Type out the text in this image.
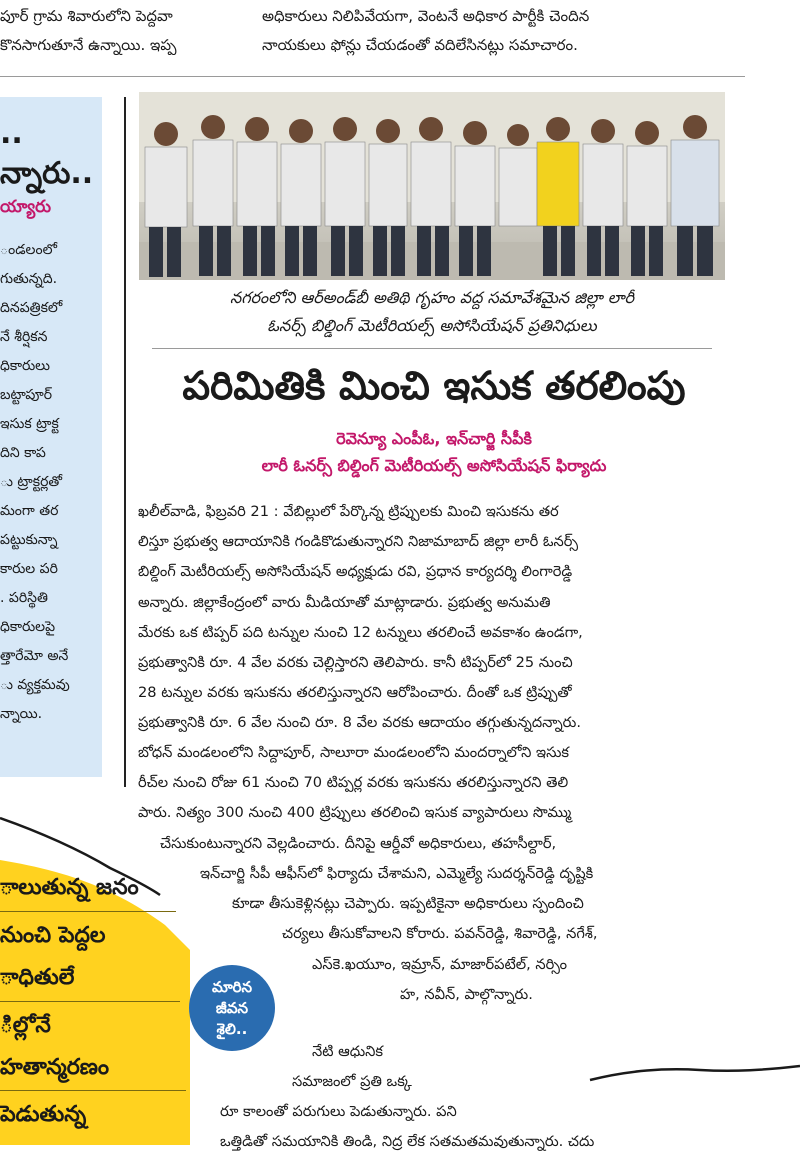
పూర్‌ గ్రామ శివారులోని పెద్దవా
కొనసాగుతూనే ఉన్నాయి. ఇప్ప
అధికారులు నిలిపివేయగా, వెంటనే అధికార పార్టీకి చెందిన
నాయకులు ఫోన్లు చేయడంతో వదిలేసినట్లు సమాచారం.
..
న్నారు..
య్యారు
ండలంలో
గుతున్నది.
దినపత్రికలో
నే శీర్షికన
ధికారులు
బట్టాపూర్
ఇసుక ట్రాక్ట
దిని కాప
ు ట్రాక్టర్లతో
మంగా తర
పట్టుకున్నా
కారుల పరి
. పరిస్థితి
ధికారులపై
త్తారేమో అనే
ు వ్యక్తమవు
న్నాయి.
నగరంలోని ఆర్‌అండ్‌బీ అతిథి గృహం వద్ద సమావేశమైన జిల్లా లారీ
ఓనర్స్‌ బిల్డింగ్‌ మెటీరియల్స్‌ అసోసియేషన్‌ ప్రతినిధులు
పరిమితికి మించి ఇసుక తరలింపు
రెవెన్యూ ఎంపీఓ, ఇన్‌చార్జి సీపీకి
లారీ ఓనర్స్‌ బిల్డింగ్‌ మెటీరియల్స్‌ అసోసియేషన్‌ ఫిర్యాదు
ఖలీల్‌వాడి, ఫిబ్రవరి 21 : వేబిల్లులో పేర్కొన్న ట్రిప్పులకు మించి ఇసుకను తర
లిస్తూ ప్రభుత్వ ఆదాయానికి గండికొడుతున్నారని నిజామాబాద్‌ జిల్లా లారీ ఓనర్స్‌
బిల్డింగ్‌ మెటీరియల్స్‌ అసోసియేషన్‌ అధ్యక్షుడు రవి, ప్రధాన కార్యదర్శి లింగారెడ్డి
అన్నారు. జిల్లాకేంద్రంలో వారు మీడియాతో మాట్లాడారు. ప్రభుత్వ అనుమతి
మేరకు ఒక టిప్పర్‌ పది టన్నుల నుంచి 12 టన్నులు తరలించే అవకాశం ఉండగా,
ప్రభుత్వానికి రూ. 4 వేల వరకు చెల్లిస్తారని తెలిపారు. కానీ టిప్పర్‌లో 25 నుంచి
28 టన్నుల వరకు ఇసుకను తరలిస్తున్నారని ఆరోపించారు. దీంతో ఒక ట్రిప్పుతో
ప్రభుత్వానికి రూ. 6 వేల నుంచి రూ. 8 వేల వరకు ఆదాయం తగ్గుతున్నదన్నారు.
బోధన్‌ మండలంలోని సిద్దాపూర్‌, సాలూరా మండలంలోని మందర్నాలోని ఇసుక
రీచ్‌ల నుంచి రోజు 61 నుంచి 70 టిప్పర్ల వరకు ఇసుకను తరలిస్తున్నారని తెలి
పారు. నిత్యం 300 నుంచి 400 ట్రిప్పులు తరలించి ఇసుక వ్యాపారులు సొమ్ము
చేసుకుంటున్నారని వెల్లడించారు. దీనిపై ఆర్డీవో అధికారులు, తహసీల్దార్‌,
ఇన్‌చార్జి సీపీ ఆఫీస్‌లో ఫిర్యాదు చేశామని, ఎమ్మెల్యే సుదర్శన్‌రెడ్డి దృష్టికి
కూడా తీసుకెళ్లినట్లు చెప్పారు. ఇప్పటికైనా అధికారులు స్పందించి
చర్యలు తీసుకోవాలని కోరారు. పవన్‌రెడ్డి, శివారెడ్డి, నగేశ్‌,
ఎస్‌కె.ఖయూం, ఇమ్రాన్‌, మాజార్‌పటేల్‌, నర్సిం
హ, నవీన్‌, పాల్గొన్నారు.
ాలుతున్న జనం
నుంచి పెద్దల
ాధితులే
ిల్లోనే
హతాన్మరణం
పెడుతున్న
మారిన
జీవన
శైలి..
నేటి ఆధునిక
సమాజంలో ప్రతి ఒక్క
రూ కాలంతో పరుగులు పెడుతున్నారు. పని
ఒత్తిడితో సమయానికి తిండి, నిద్ర లేక సతమతమవుతున్నారు. చదు
